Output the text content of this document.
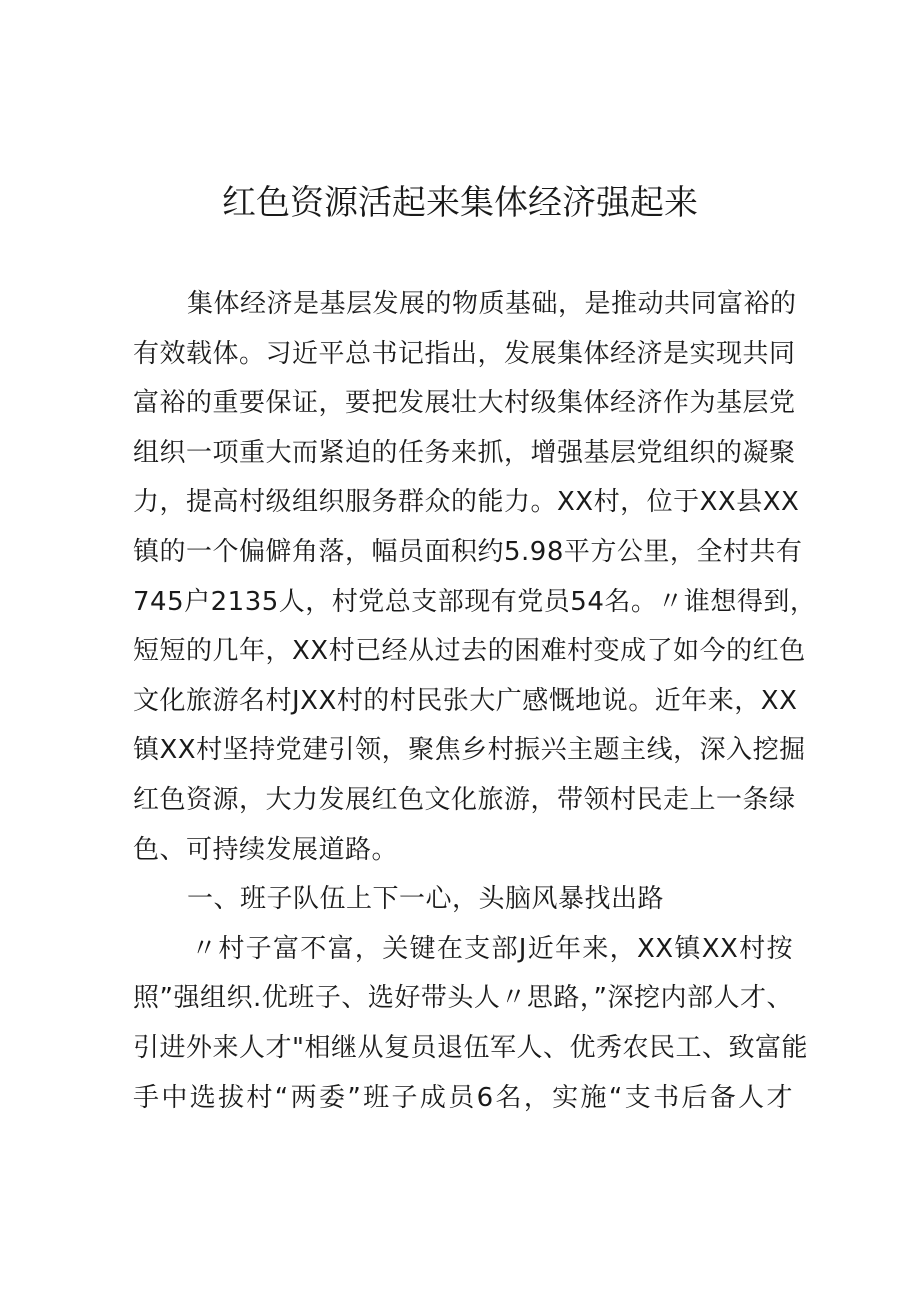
红色资源活起来集体经济强起来
集体经济是基层发展的物质基础，是推动共同富裕的
有效载体。习近平总书记指出，发展集体经济是实现共同
富裕的重要保证，要把发展壮大村级集体经济作为基层党
组织一项重大而紧迫的任务来抓，增强基层党组织的凝聚
力，提高村级组织服务群众的能力。XX村，位于XX县XX
镇的一个偏僻角落，幅员面积约5.98平方公里，全村共有
745户2135人，村党总支部现有党员54名。〃谁想得到，
短短的几年，XX村已经从过去的困难村变成了如今的红色
文化旅游名村JXX村的村民张大广感慨地说。近年来，XX
镇XX村坚持党建引领，聚焦乡村振兴主题主线，深入挖掘
红色资源，大力发展红色文化旅游，带领村民走上一条绿
色、可持续发展道路。
一、班子队伍上下一心，头脑风暴找出路
〃村子富不富，关键在支部J近年来，XX镇XX村按
照”强组织.优班子、选好带头人〃思路，”深挖内部人才、
引进外来人才"相继从复员退伍军人、优秀农民工、致富能
手中选拔村“两委”班子成员6名，实施“支书后备人才
